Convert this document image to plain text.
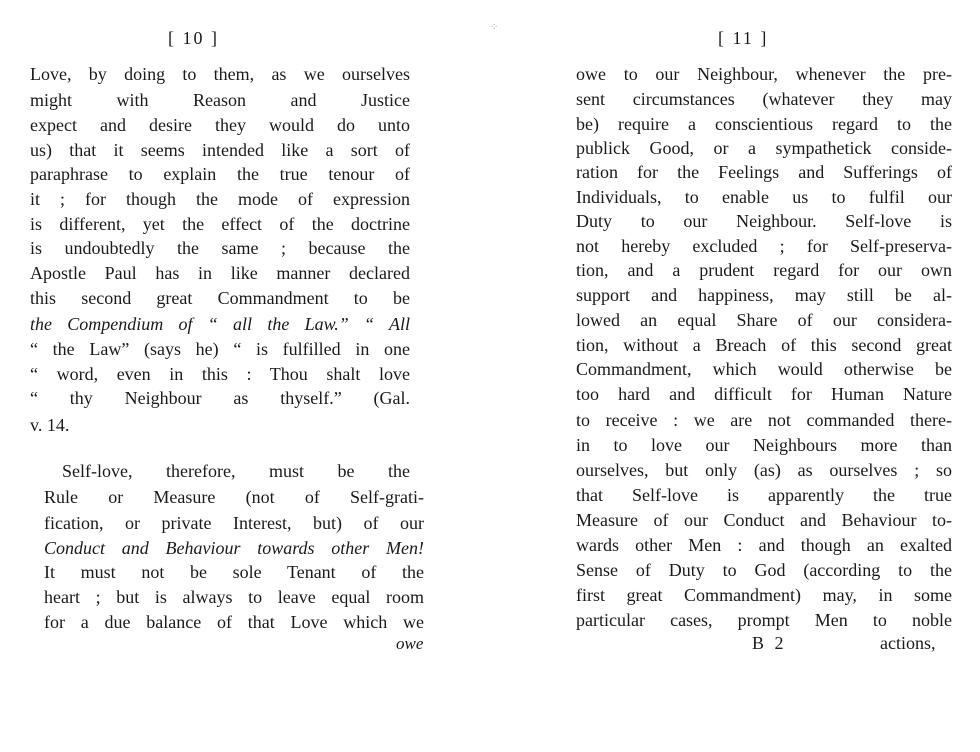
[ 10 ]
Love, by doing to them, as we ourselves
might with Reason and Justice
expect and desire they would do unto
us) that it seems intended like a sort of
paraphrase to explain the true tenour of
it ; for though the mode of expression
is different, yet the effect of the doctrine
is undoubtedly the same ; because the
Apostle Paul has in like manner declared
this second great Commandment to be
the Compendium of “ all the Law.” “ All
“ the Law” (says he) “ is fulfilled in one
“ word, even in this : Thou shalt love
“ thy Neighbour as thyself.” (Gal.
v. 14.
Self-love, therefore, must be the
Rule or Measure (not of Self-grati-
fication, or private Interest, but) of our
Conduct and Behaviour towards other Men!
It must not be sole Tenant of the
heart ; but is always to leave equal room
for a due balance of that Love which we
owe
⁘
[ 11 ]
owe to our Neighbour, whenever the pre-
sent circumstances (whatever they may
be) require a conscientious regard to the
publick Good, or a sympathetick conside-
ration for the Feelings and Sufferings of
Individuals, to enable us to fulfil our
Duty to our Neighbour. Self-love is
not hereby excluded ; for Self-preserva-
tion, and a prudent regard for our own
support and happiness, may still be al-
lowed an equal Share of our considera-
tion, without a Breach of this second great
Commandment, which would otherwise be
too hard and difficult for Human Nature
to receive : we are not commanded there-
in to love our Neighbours more than
ourselves, but only (as) as ourselves ; so
that Self-love is apparently the true
Measure of our Conduct and Behaviour to-
wards other Men : and though an exalted
Sense of Duty to God (according to the
first great Commandment) may, in some
particular cases, prompt Men to noble
B 2	actions,
